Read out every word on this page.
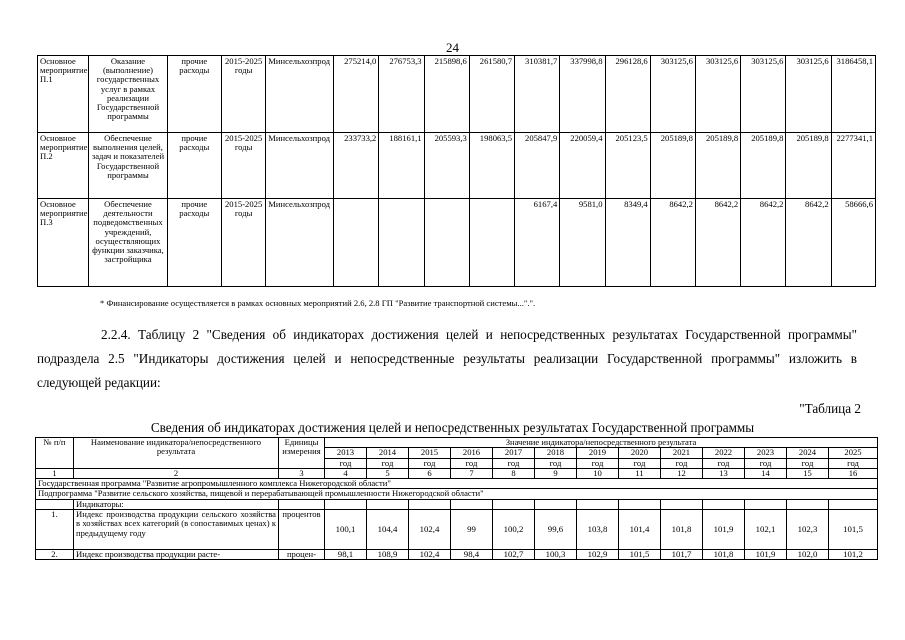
24
Основное мероприятие П.1	Оказание (выполнение) государственных услуг в рамках реализации Государственной программы	прочие расходы	2015-2025 годы	Минсельхозпрод	275214,0	276753,3	215898,6	261580,7	310381,7	337998,8	296128,6	303125,6	303125,6	303125,6	303125,6	3186458,1
Основное мероприятие П.2	Обеспечение выполнения целей, задач и показателей Государственной программы	прочие расходы	2015-2025 годы	Минсельхозпрод	233733,2	188161,1	205593,3	198063,5	205847,9	220059,4	205123,5	205189,8	205189,8	205189,8	205189,8	2277341,1
Основное мероприятие П.3	Обеспечение деятельности подведомственных учреждений, осуществляющих функции заказчика, застройщика	прочие расходы	2015-2025 годы	Минсельхозпрод					6167,4	9581,0	8349,4	8642,2	8642,2	8642,2	8642,2	58666,6
* Финансирование осуществляется в рамках основных мероприятий 2.6, 2.8 ГП "Развитие транспортной системы...".".
2.2.4. Таблицу 2 "Сведения об индикаторах достижения целей и непосредственных результатах Государственной программы" подраздела 2.5 "Индикаторы достижения целей и непосредственные результаты реализации Государственной программы" изложить в следующей редакции:
"Таблица 2
Сведения об индикаторах достижения целей и непосредственных результатах Государственной программы
№ п/п	Наименование индикатора/непосредственного результата	Единицы измерения	Значение индикатора/непосредственного результата												
			2013	2014	2015	2016	2017	2018	2019	2020	2021	2022	2023	2024	2025
			год	год	год	год	год	год	год	год	год	год	год	год	год
1	2	3	4	5	6	7	8	9	10	11	12	13	14	15	16
Государственная программа "Развитие агропромышленного комплекса Нижегородской области"															
Подпрограмма "Развитие сельского хозяйства, пищевой и перерабатывающей промышленности Нижегородской области"															
	Индикаторы:														
1.	Индекс производства продукции сельского хозяйства в хозяйствах всех категорий (в сопоставимых ценах) к предыдущему году	процентов	100,1	104,4	102,4	99	100,2	99,6	103,8	101,4	101,8	101,9	102,1	102,3	101,5
2.	Индекс производства продукции расте-	процен-	98,1	108,9	102,4	98,4	102,7	100,3	102,9	101,5	101,7	101,8	101,9	102,0	101,2
